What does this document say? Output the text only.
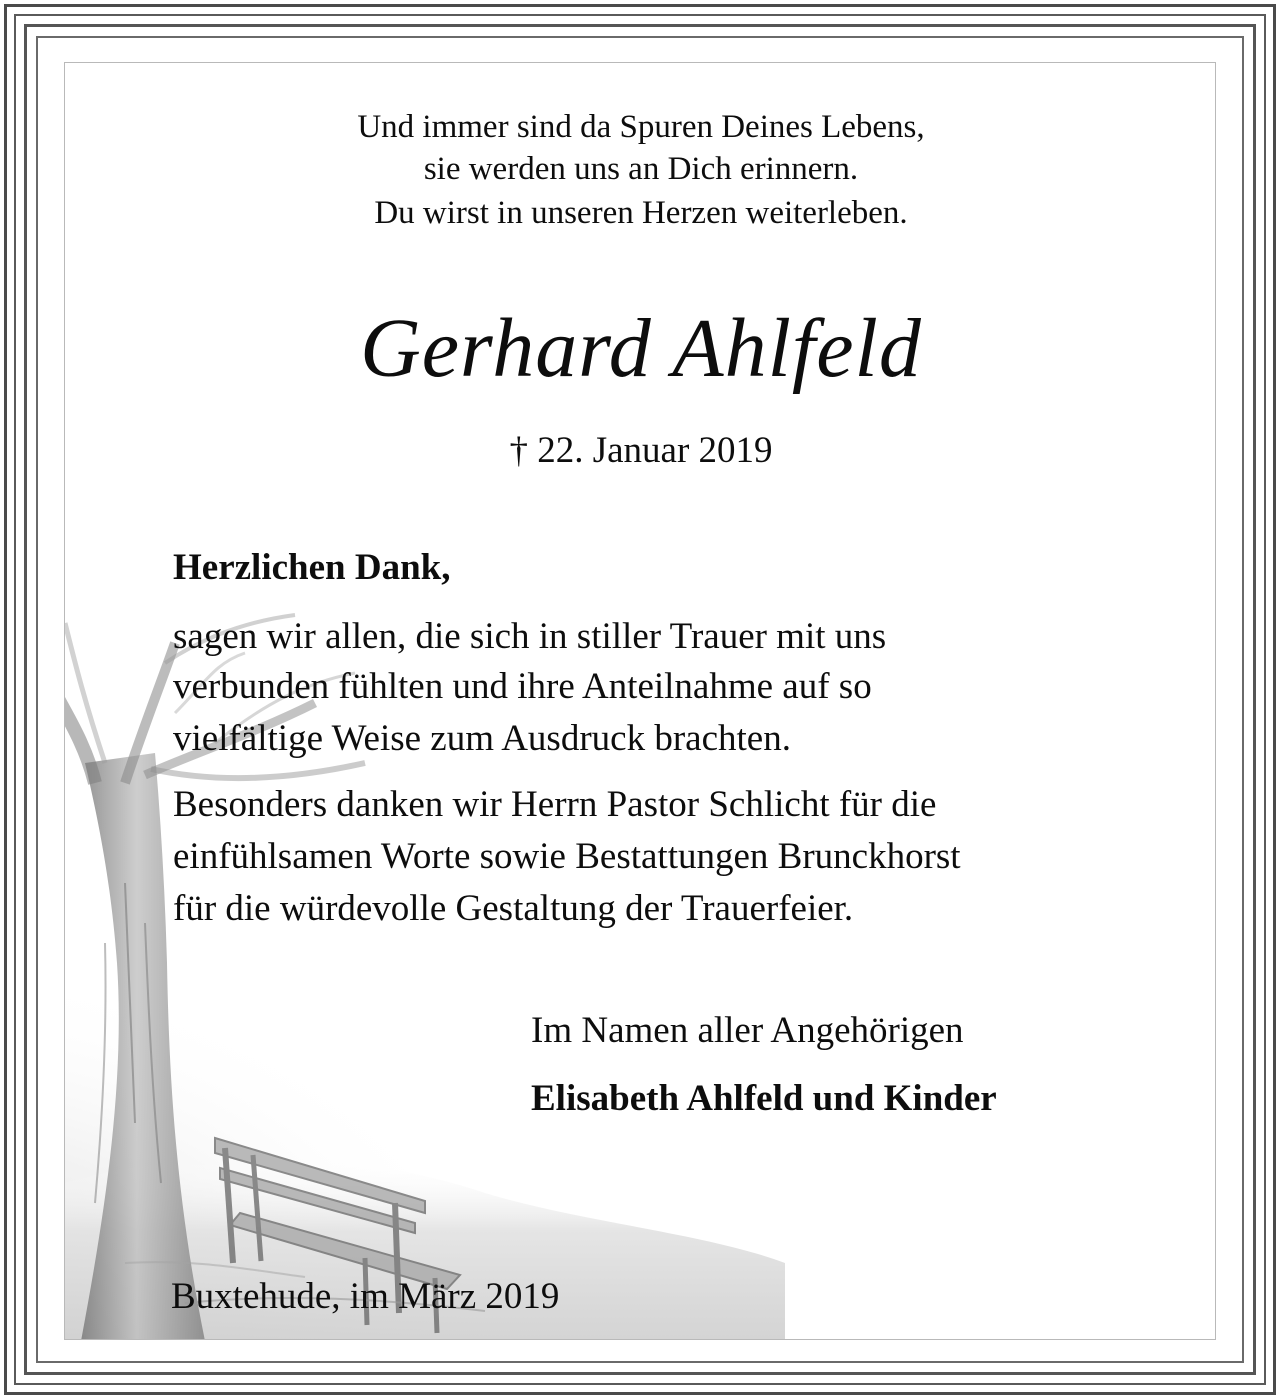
Und immer sind da Spuren Deines Lebens,
sie werden uns an Dich erinnern.
Du wirst in unseren Herzen weiterleben.
Gerhard Ahlfeld
† 22. Januar 2019
Herzlichen Dank,
sagen wir allen, die sich in stiller Trauer mit uns
verbunden fühlten und ihre Anteilnahme auf so
vielfältige Weise zum Ausdruck brachten.
Besonders danken wir Herrn Pastor Schlicht für die
einfühlsamen Worte sowie Bestattungen Brunckhorst
für die würdevolle Gestaltung der Trauerfeier.
Im Namen aller Angehörigen
Elisabeth Ahlfeld und Kinder
Buxtehude, im März 2019
